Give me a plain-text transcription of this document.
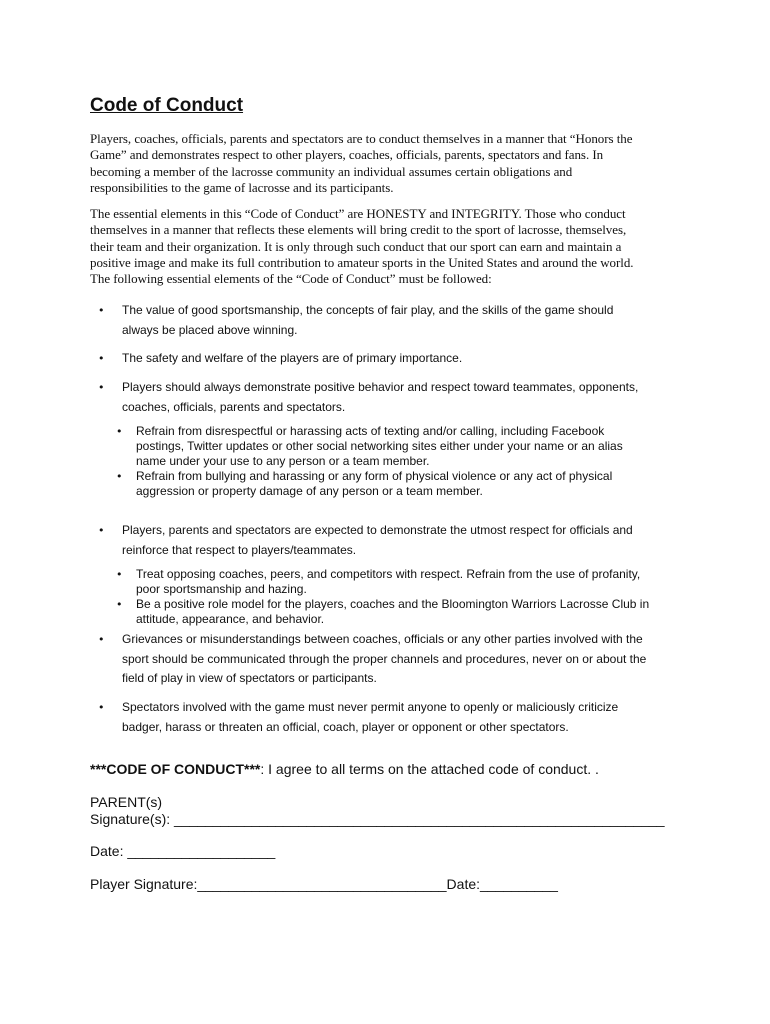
Code of Conduct

Players, coaches, officials, parents and spectators are to conduct themselves in a manner that “Honors the
Game” and demonstrates respect to other players, coaches, officials, parents, spectators and fans. In
becoming a member of the lacrosse community an individual assumes certain obligations and
responsibilities to the game of lacrosse and its participants.

The essential elements in this “Code of Conduct” are HONESTY and INTEGRITY. Those who conduct
themselves in a manner that reflects these elements will bring credit to the sport of lacrosse, themselves,
their team and their organization. It is only through such conduct that our sport can earn and maintain a
positive image and make its full contribution to amateur sports in the United States and around the world.
The following essential elements of the “Code of Conduct” must be followed:

• The value of good sportsmanship, the concepts of fair play, and the skills of the game should
always be placed above winning.
• The safety and welfare of the players are of primary importance.
• Players should always demonstrate positive behavior and respect toward teammates, opponents,
coaches, officials, parents and spectators.
• Refrain from disrespectful or harassing acts of texting and/or calling, including Facebook
postings, Twitter updates or other social networking sites either under your name or an alias
name under your use to any person or a team member.
• Refrain from bullying and harassing or any form of physical violence or any act of physical
aggression or property damage of any person or a team member.
• Players, parents and spectators are expected to demonstrate the utmost respect for officials and
reinforce that respect to players/teammates.
• Treat opposing coaches, peers, and competitors with respect. Refrain from the use of profanity,
poor sportsmanship and hazing.
• Be a positive role model for the players, coaches and the Bloomington Warriors Lacrosse Club in
attitude, appearance, and behavior.
• Grievances or misunderstandings between coaches, officials or any other parties involved with the
sport should be communicated through the proper channels and procedures, never on or about the
field of play in view of spectators or participants.
• Spectators involved with the game must never permit anyone to openly or maliciously criticize
badger, harass or threaten an official, coach, player or opponent or other spectators.

***CODE OF CONDUCT***: I agree to all terms on the attached code of conduct. .

PARENT(s)

Signature(s): _______________________________________________________________

Date: ___________________

Player Signature:________________________________Date:__________
